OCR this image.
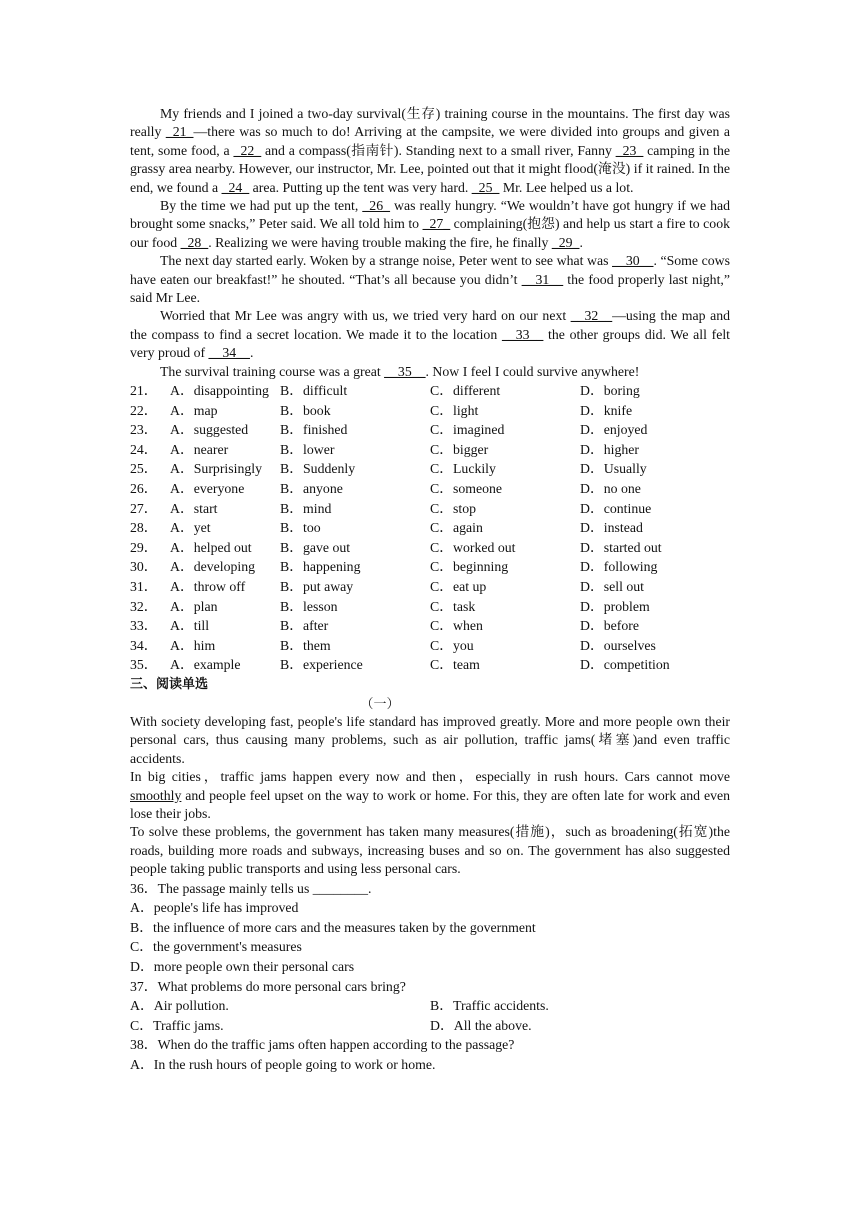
My friends and I joined a two-day survival(生存) training course in the mountains. The first day was really _21_—there was so much to do! Arriving at the campsite, we were divided into groups and given a tent, some food, a _22_ and a compass(指南针). Standing next to a small river, Fanny _23_ camping in the grassy area nearby. However, our instructor, Mr. Lee, pointed out that it might flood(淹没) if it rained. In the end, we found a _24_ area. Putting up the tent was very hard. _25_ Mr. Lee helped us a lot.

By the time we had put up the tent, _26_ was really hungry. “We wouldn’t have got hungry if we had brought some snacks,” Peter said. We all told him to _27_ complaining(抱怨) and help us start a fire to cook our food _28_. Realizing we were having trouble making the fire, he finally _29_.

The next day started early. Woken by a strange noise, Peter went to see what was __30__. “Some cows have eaten our breakfast!” he shouted. “That’s all because you didn’t __31__ the food properly last night,” said Mr Lee.

Worried that Mr Lee was angry with us, we tried very hard on our next __32__—using the map and the compass to find a secret location. We made it to the location __33__ the other groups did. We all felt very proud of __34__.

The survival training course was a great __35__. Now I feel I could survive anywhere!

21． A．disappointing B．difficult	C．different	D．boring
22． A．map	B．book	C．light	D．knife
23． A．suggested	B．finished	C．imagined	D．enjoyed
24． A．nearer	B．lower	C．bigger	D．higher
25． A．Surprisingly	B．Suddenly	C．Luckily	D．Usually
26． A．everyone	B．anyone	C．someone	D．no one
27． A．start	B．mind	C．stop	D．continue
28． A．yet	B．too	C．again	D．instead
29． A．helped out	B．gave out	C．worked out	D．started out
30． A．developing	B．happening	C．beginning	D．following
31． A．throw off	B．put away	C．eat up	D．sell out
32． A．plan	B．lesson	C．task	D．problem
33． A．till	B．after	C．when	D．before
34． A．him	B．them	C．you	D．ourselves
35． A．example	B．experience	C．team	D．competition
三、阅读单选
（一）

With society developing fast, people's life standard has improved greatly. More and more people own their personal cars, thus causing many problems, such as air pollution, traffic jams(堵塞)and even traffic accidents.

In big cities，traffic jams happen every now and then，especially in rush hours. Cars cannot move smoothly and people feel upset on the way to work or home. For this, they are often late for work and even lose their jobs.

To solve these problems, the government has taken many measures(措施)，such as broadening(拓宽)the roads, building more roads and subways, increasing buses and so on. The government has also suggested people taking public transports and using less personal cars.

36．The passage mainly tells us ________.
A．people's life has improved
B．the influence of more cars and the measures taken by the government
C．the government's measures
D．more people own their personal cars
37．What problems do more personal cars bring?
A．Air pollution.	B．Traffic accidents.
C．Traffic jams.	D．All the above.
38．When do the traffic jams often happen according to the passage?
A．In the rush hours of people going to work or home.
